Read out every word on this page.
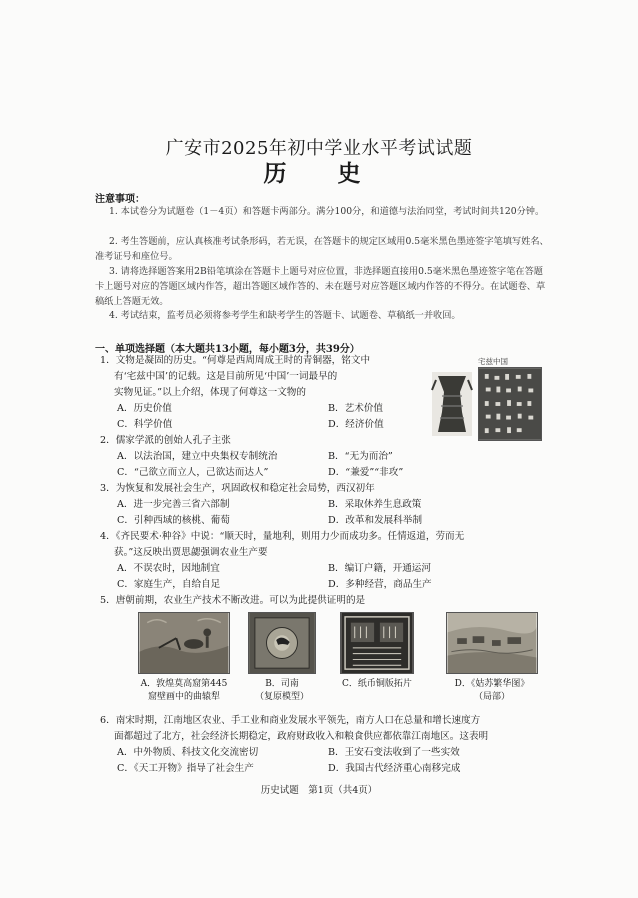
广安市2025年初中学业水平考试试题
历　史
注意事项：

1. 本试卷分为试题卷（1－4页）和答题卡两部分。满分100分，和道德与法治同堂，考试时间共120分钟。

2. 考生答题前，应认真核准考试条形码，若无误，在答题卡的规定区域用0.5毫米黑色墨迹签字笔填写姓名、准考证号和座位号。

3. 请将选择题答案用2B铅笔填涂在答题卡上题号对应位置，非选择题直接用0.5毫米黑色墨迹签字笔在答题卡上题号对应的答题区域内作答，超出答题区域作答的、未在题号对应答题区域内作答的不得分。在试题卷、草稿纸上答题无效。

4. 考试结束，监考员必须将参考学生和缺考学生的答题卡、试题卷、草稿纸一并收回。

一、单项选择题（本大题共13小题，每小题3分，共39分）
1．文物是凝固的历史。“何尊是西周周成王时的青铜器，铭文中
有‘宅兹中国’的记载。这是目前所见‘中国’一词最早的
实物见证。”以上介绍，体现了何尊这一文物的
A．历史价值	B．艺术价值
C．科学价值	D．经济价值
宅兹中国
2．儒家学派的创始人孔子主张
A．以法治国，建立中央集权专制统治	B．“无为而治”
C．“己欲立而立人，己欲达而达人”	D．“兼爱”“非攻”
3．为恢复和发展社会生产，巩固政权和稳定社会局势，西汉初年
A．进一步完善三省六部制	B．采取休养生息政策
C．引种西域的核桃、葡萄	D．改革和发展科举制
4．《齐民要术·种谷》中说：“顺天时，量地利，则用力少而成功多。任情返道，劳而无
获。”这反映出贾思勰强调农业生产要
A．不误农时，因地制宜	B．编订户籍，开通运河
C．家庭生产，自给自足	D．多种经营，商品生产
5．唐朝前期，农业生产技术不断改进。可以为此提供证明的是
A．敦煌莫高窟第445
窟壁画中的曲辕犁
B．司南
（复原模型）
C．纸币铜版拓片	D．《姑苏繁华图》
（局部）
6．南宋时期，江南地区农业、手工业和商业发展水平领先，南方人口在总量和增长速度方
面都超过了北方，社会经济长期稳定，政府财政收入和粮食供应都依靠江南地区。这表明
A．中外物质、科技文化交流密切	B．王安石变法收到了一些实效
C．《天工开物》指导了社会生产	D．我国古代经济重心南移完成
历史试题　第1页（共4页）
